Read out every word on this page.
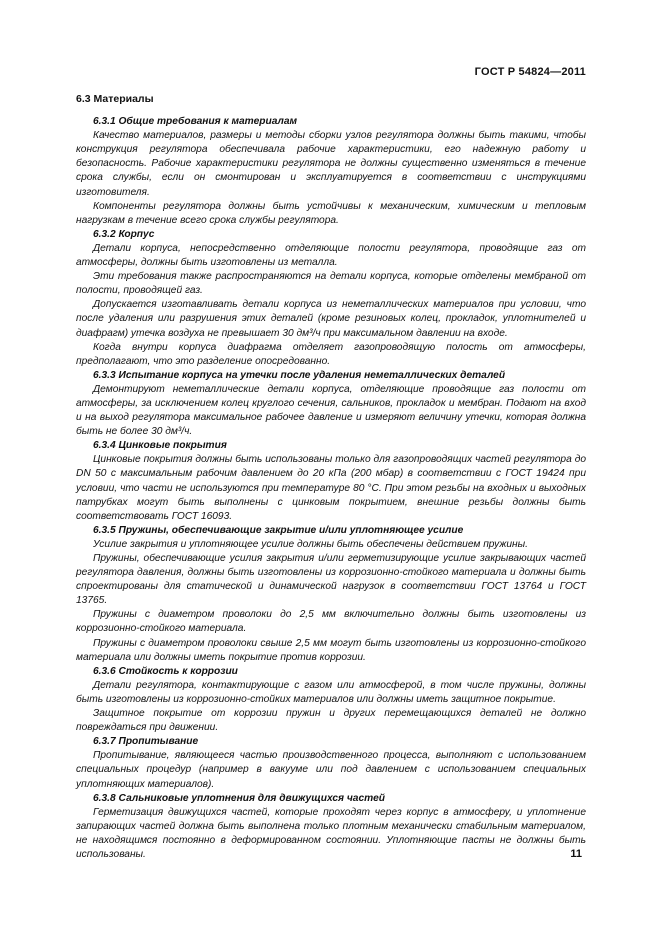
ГОСТ Р 54824—2011
6.3 Материалы
6.3.1 Общие требования к материалам

Качество материалов, размеры и методы сборки узлов регулятора должны быть такими, чтобы конструкция регулятора обеспечивала рабочие характеристики, его надежную работу и безопасность. Рабочие характеристики регулятора не должны существенно изменяться в течение срока службы, если он смонтирован и эксплуатируется в соответствии с инструкциями изготовителя.

Компоненты регулятора должны быть устойчивы к механическим, химическим и тепловым нагрузкам в течение всего срока службы регулятора.

6.3.2 Корпус

Детали корпуса, непосредственно отделяющие полости регулятора, проводящие газ от атмосферы, должны быть изготовлены из металла.

Эти требования также распространяются на детали корпуса, которые отделены мембраной от полости, проводящей газ.

Допускается изготавливать детали корпуса из неметаллических материалов при условии, что после удаления или разрушения этих деталей (кроме резиновых колец, прокладок, уплотнителей и диафрагм) утечка воздуха не превышает 30 дм³/ч при максимальном давлении на входе.

Когда внутри корпуса диафрагма отделяет газопроводящую полость от атмосферы, предполагают, что это разделение опосредованно.

6.3.3 Испытание корпуса на утечки после удаления неметаллических деталей

Демонтируют неметаллические детали корпуса, отделяющие проводящие газ полости от атмосферы, за исключением колец круглого сечения, сальников, прокладок и мембран. Подают на вход и на выход регулятора максимальное рабочее давление и измеряют величину утечки, которая должна быть не более 30 дм³/ч.

6.3.4 Цинковые покрытия

Цинковые покрытия должны быть использованы только для газопроводящих частей регулятора до DN 50 с максимальным рабочим давлением до 20 кПа (200 мбар) в соответствии с ГОСТ 19424 при условии, что части не используются при температуре 80 °С. При этом резьбы на входных и выходных патрубках могут быть выполнены с цинковым покрытием, внешние резьбы должны быть соответствовать ГОСТ 16093.

6.3.5 Пружины, обеспечивающие закрытие и/или уплотняющее усилие

Усилие закрытия и уплотняющее усилие должны быть обеспечены действием пружины.

Пружины, обеспечивающие усилия закрытия и/или герметизирующие усилие закрывающих частей регулятора давления, должны быть изготовлены из коррозионно-стойкого материала и должны быть спроектированы для статической и динамической нагрузок в соответствии ГОСТ 13764 и ГОСТ 13765.

Пружины с диаметром проволоки до 2,5 мм включительно должны быть изготовлены из коррозионно-стойкого материала.

Пружины с диаметром проволоки свыше 2,5 мм могут быть изготовлены из коррозионно-стойкого материала или должны иметь покрытие против коррозии.

6.3.6 Стойкость к коррозии

Детали регулятора, контактирующие с газом или атмосферой, в том числе пружины, должны быть изготовлены из коррозионно-стойких материалов или должны иметь защитное покрытие.

Защитное покрытие от коррозии пружин и других перемещающихся деталей не должно повреждаться при движении.

6.3.7 Пропитывание

Пропитывание, являющееся частью производственного процесса, выполняют с использованием специальных процедур (например в вакууме или под давлением с использованием специальных уплотняющих материалов).

6.3.8 Сальниковые уплотнения для движущихся частей

Герметизация движущихся частей, которые проходят через корпус в атмосферу, и уплотнение запирающих частей должна быть выполнена только плотным механически стабильным материалом, не находящимся постоянно в деформированном состоянии. Уплотняющие пасты не должны быть использованы.	11
